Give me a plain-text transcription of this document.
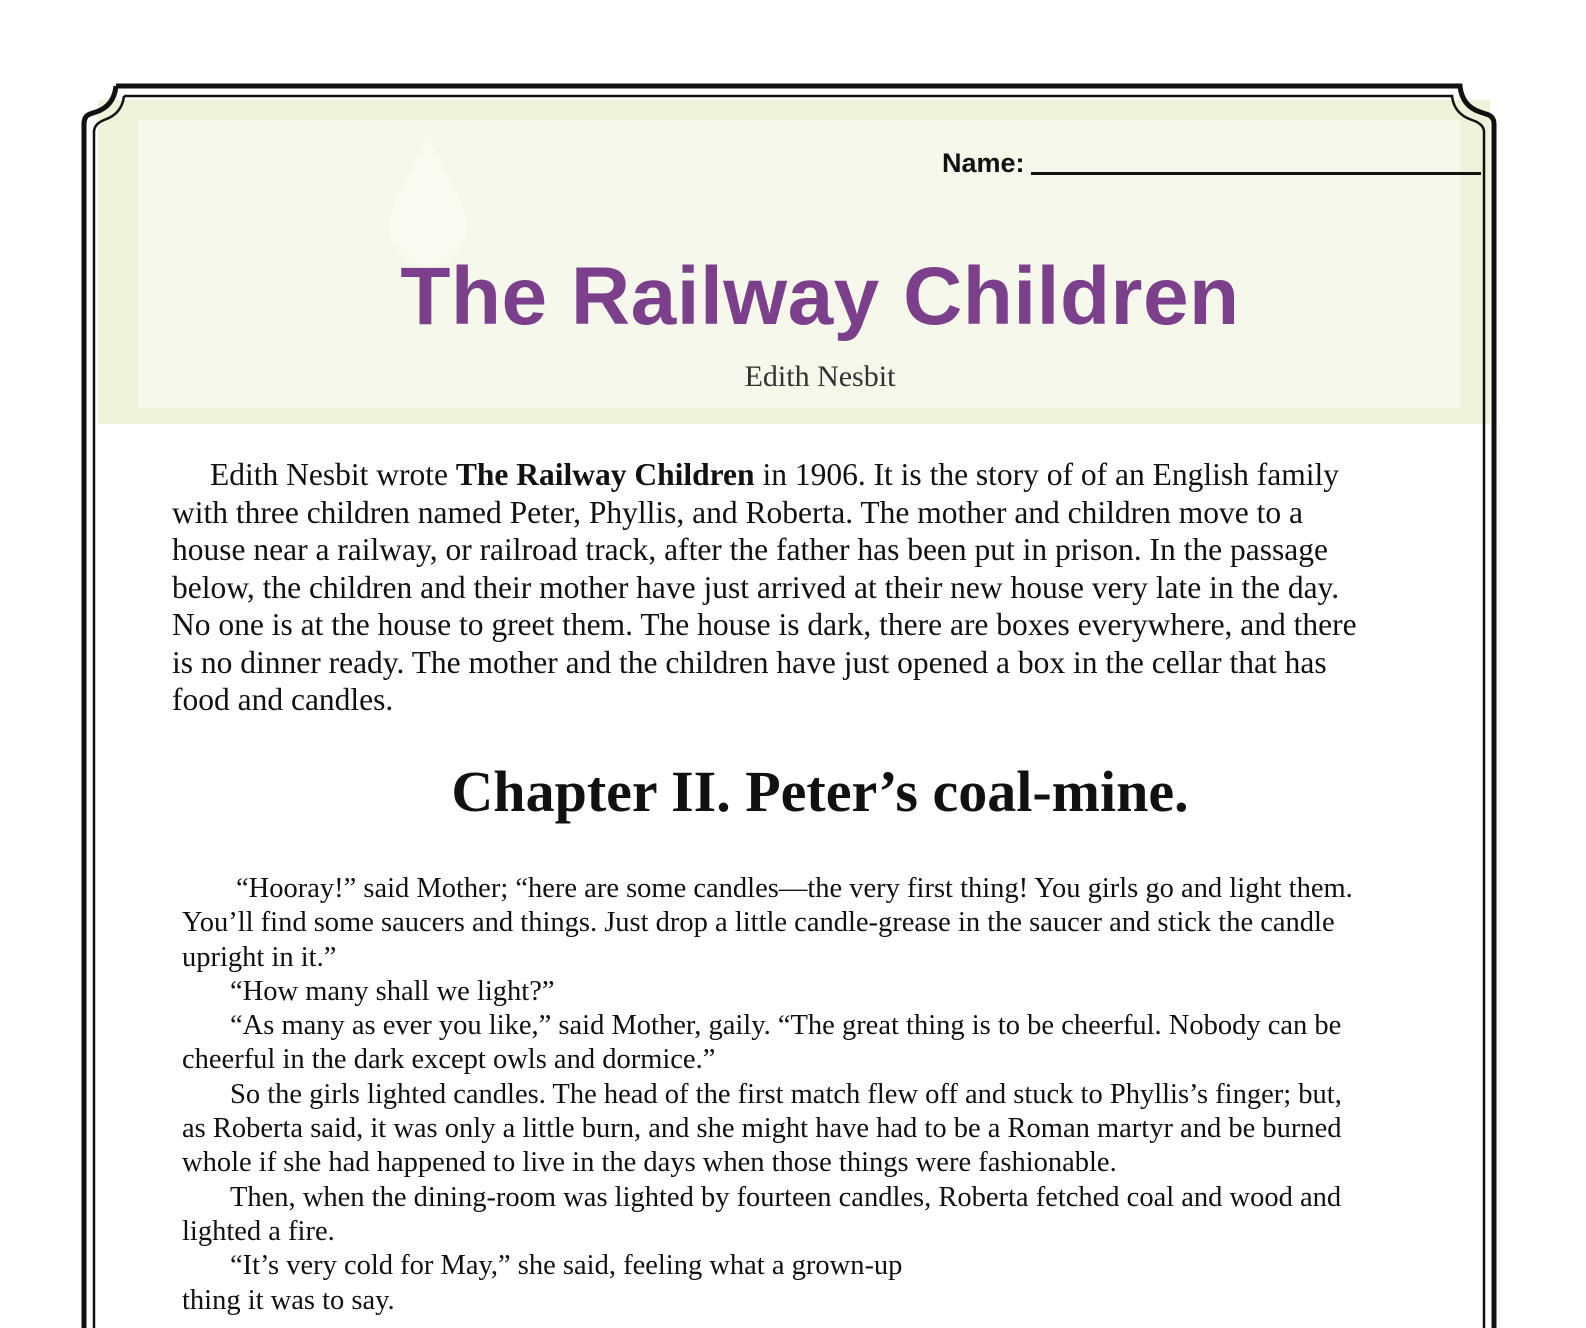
Name:
The Railway Children
Edith Nesbit
Edith Nesbit wrote The Railway Children in 1906. It is the story of of an English family
with three children named Peter, Phyllis, and Roberta. The mother and children move to a
house near a railway, or railroad track, after the father has been put in prison. In the passage
below, the children and their mother have just arrived at their new house very late in the day.
No one is at the house to greet them. The house is dark, there are boxes everywhere, and there
is no dinner ready. The mother and the children have just opened a box in the cellar that has
food and candles.
Chapter II. Peter’s coal-mine.
“Hooray!” said Mother; “here are some candles—the very first thing! You girls go and light them.
You’ll find some saucers and things. Just drop a little candle-grease in the saucer and stick the candle
upright in it.”
“How many shall we light?”
“As many as ever you like,” said Mother, gaily. “The great thing is to be cheerful. Nobody can be
cheerful in the dark except owls and dormice.”
So the girls lighted candles. The head of the first match flew off and stuck to Phyllis’s finger; but,
as Roberta said, it was only a little burn, and she might have had to be a Roman martyr and be burned
whole if she had happened to live in the days when those things were fashionable.
Then, when the dining-room was lighted by fourteen candles, Roberta fetched coal and wood and
lighted a fire.
“It’s very cold for May,” she said, feeling what a grown-up
thing it was to say.
